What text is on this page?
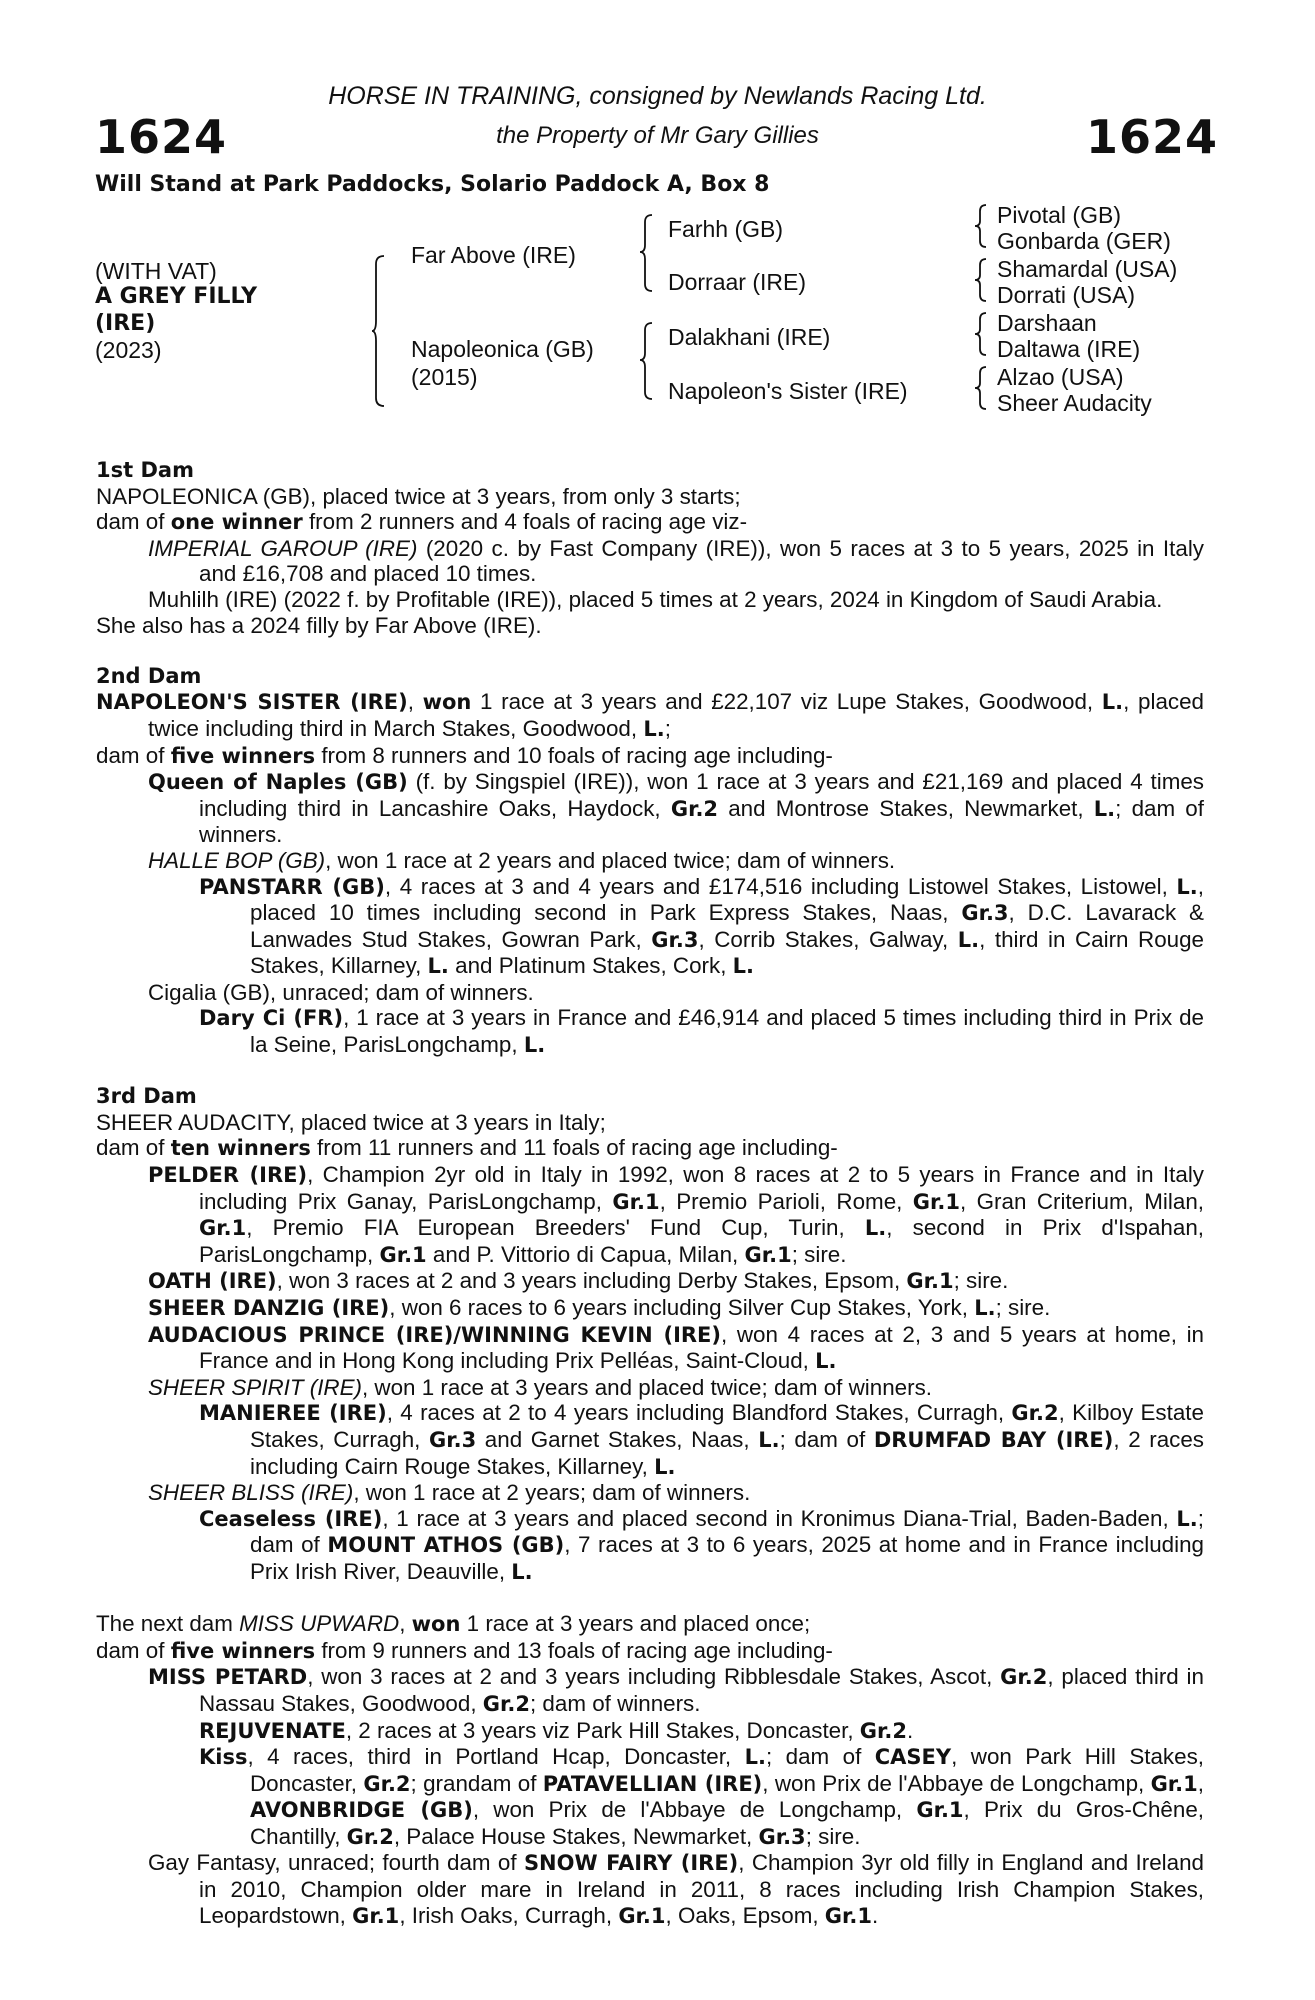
1624	1624
HORSE IN TRAINING, consigned by Newlands Racing Ltd.
the Property of Mr Gary Gillies
Will Stand at Park Paddocks, Solario Paddock A, Box 8
(WITH VAT)
A GREY FILLY
(IRE)
(2023)
Far Above (IRE)
Napoleonica (GB)
(2015)
Farhh (GB)
Dorraar (IRE)
Dalakhani (IRE)
Napoleon's Sister (IRE)
Pivotal (GB)
Gonbarda (GER)
Shamardal (USA)
Dorrati (USA)
Darshaan
Daltawa (IRE)
Alzao (USA)
Sheer Audacity

1st Dam

NAPOLEONICA (GB), placed twice at 3 years, from only 3 starts;

dam of one winner from 2 runners and 4 foals of racing age viz-

IMPERIAL GAROUP (IRE) (2020 c. by Fast Company (IRE)), won 5 races at 3 to 5 years, 2025 in Italy and £16,708 and placed 10 times.

Muhlilh (IRE) (2022 f. by Profitable (IRE)), placed 5 times at 2 years, 2024 in Kingdom of Saudi Arabia.

She also has a 2024 filly by Far Above (IRE).

2nd Dam

NAPOLEON'S SISTER (IRE), won 1 race at 3 years and £22,107 viz Lupe Stakes, Goodwood, L., placed twice including third in March Stakes, Goodwood, L.;

dam of five winners from 8 runners and 10 foals of racing age including-

Queen of Naples (GB) (f. by Singspiel (IRE)), won 1 race at 3 years and £21,169 and placed 4 times including third in Lancashire Oaks, Haydock, Gr.2 and Montrose Stakes, Newmarket, L.; dam of winners.

HALLE BOP (GB), won 1 race at 2 years and placed twice; dam of winners.

PANSTARR (GB), 4 races at 3 and 4 years and £174,516 including Listowel Stakes, Listowel, L., placed 10 times including second in Park Express Stakes, Naas, Gr.3, D.C. Lavarack & Lanwades Stud Stakes, Gowran Park, Gr.3, Corrib Stakes, Galway, L., third in Cairn Rouge Stakes, Killarney, L. and Platinum Stakes, Cork, L.

Cigalia (GB), unraced; dam of winners.

Dary Ci (FR), 1 race at 3 years in France and £46,914 and placed 5 times including third in Prix de la Seine, ParisLongchamp, L.

3rd Dam

SHEER AUDACITY, placed twice at 3 years in Italy;

dam of ten winners from 11 runners and 11 foals of racing age including-

PELDER (IRE), Champion 2yr old in Italy in 1992, won 8 races at 2 to 5 years in France and in Italy including Prix Ganay, ParisLongchamp, Gr.1, Premio Parioli, Rome, Gr.1, Gran Criterium, Milan, Gr.1, Premio FIA European Breeders' Fund Cup, Turin, L., second in Prix d'Ispahan, ParisLongchamp, Gr.1 and P. Vittorio di Capua, Milan, Gr.1; sire.

OATH (IRE), won 3 races at 2 and 3 years including Derby Stakes, Epsom, Gr.1; sire.

SHEER DANZIG (IRE), won 6 races to 6 years including Silver Cup Stakes, York, L.; sire.

AUDACIOUS PRINCE (IRE)/WINNING KEVIN (IRE), won 4 races at 2, 3 and 5 years at home, in France and in Hong Kong including Prix Pelléas, Saint-Cloud, L.

SHEER SPIRIT (IRE), won 1 race at 3 years and placed twice; dam of winners.

MANIEREE (IRE), 4 races at 2 to 4 years including Blandford Stakes, Curragh, Gr.2, Kilboy Estate Stakes, Curragh, Gr.3 and Garnet Stakes, Naas, L.; dam of DRUMFAD BAY (IRE), 2 races including Cairn Rouge Stakes, Killarney, L.

SHEER BLISS (IRE), won 1 race at 2 years; dam of winners.

Ceaseless (IRE), 1 race at 3 years and placed second in Kronimus Diana-Trial, Baden-Baden, L.; dam of MOUNT ATHOS (GB), 7 races at 3 to 6 years, 2025 at home and in France including Prix Irish River, Deauville, L.

The next dam MISS UPWARD, won 1 race at 3 years and placed once;

dam of five winners from 9 runners and 13 foals of racing age including-

MISS PETARD, won 3 races at 2 and 3 years including Ribblesdale Stakes, Ascot, Gr.2, placed third in Nassau Stakes, Goodwood, Gr.2; dam of winners.

REJUVENATE, 2 races at 3 years viz Park Hill Stakes, Doncaster, Gr.2.

Kiss, 4 races, third in Portland Hcap, Doncaster, L.; dam of CASEY, won Park Hill Stakes, Doncaster, Gr.2; grandam of PATAVELLIAN (IRE), won Prix de l'Abbaye de Longchamp, Gr.1, AVONBRIDGE (GB), won Prix de l'Abbaye de Longchamp, Gr.1, Prix du Gros-Chêne, Chantilly, Gr.2, Palace House Stakes, Newmarket, Gr.3; sire.

Gay Fantasy, unraced; fourth dam of SNOW FAIRY (IRE), Champion 3yr old filly in England and Ireland in 2010, Champion older mare in Ireland in 2011, 8 races including Irish Champion Stakes, Leopardstown, Gr.1, Irish Oaks, Curragh, Gr.1, Oaks, Epsom, Gr.1.
